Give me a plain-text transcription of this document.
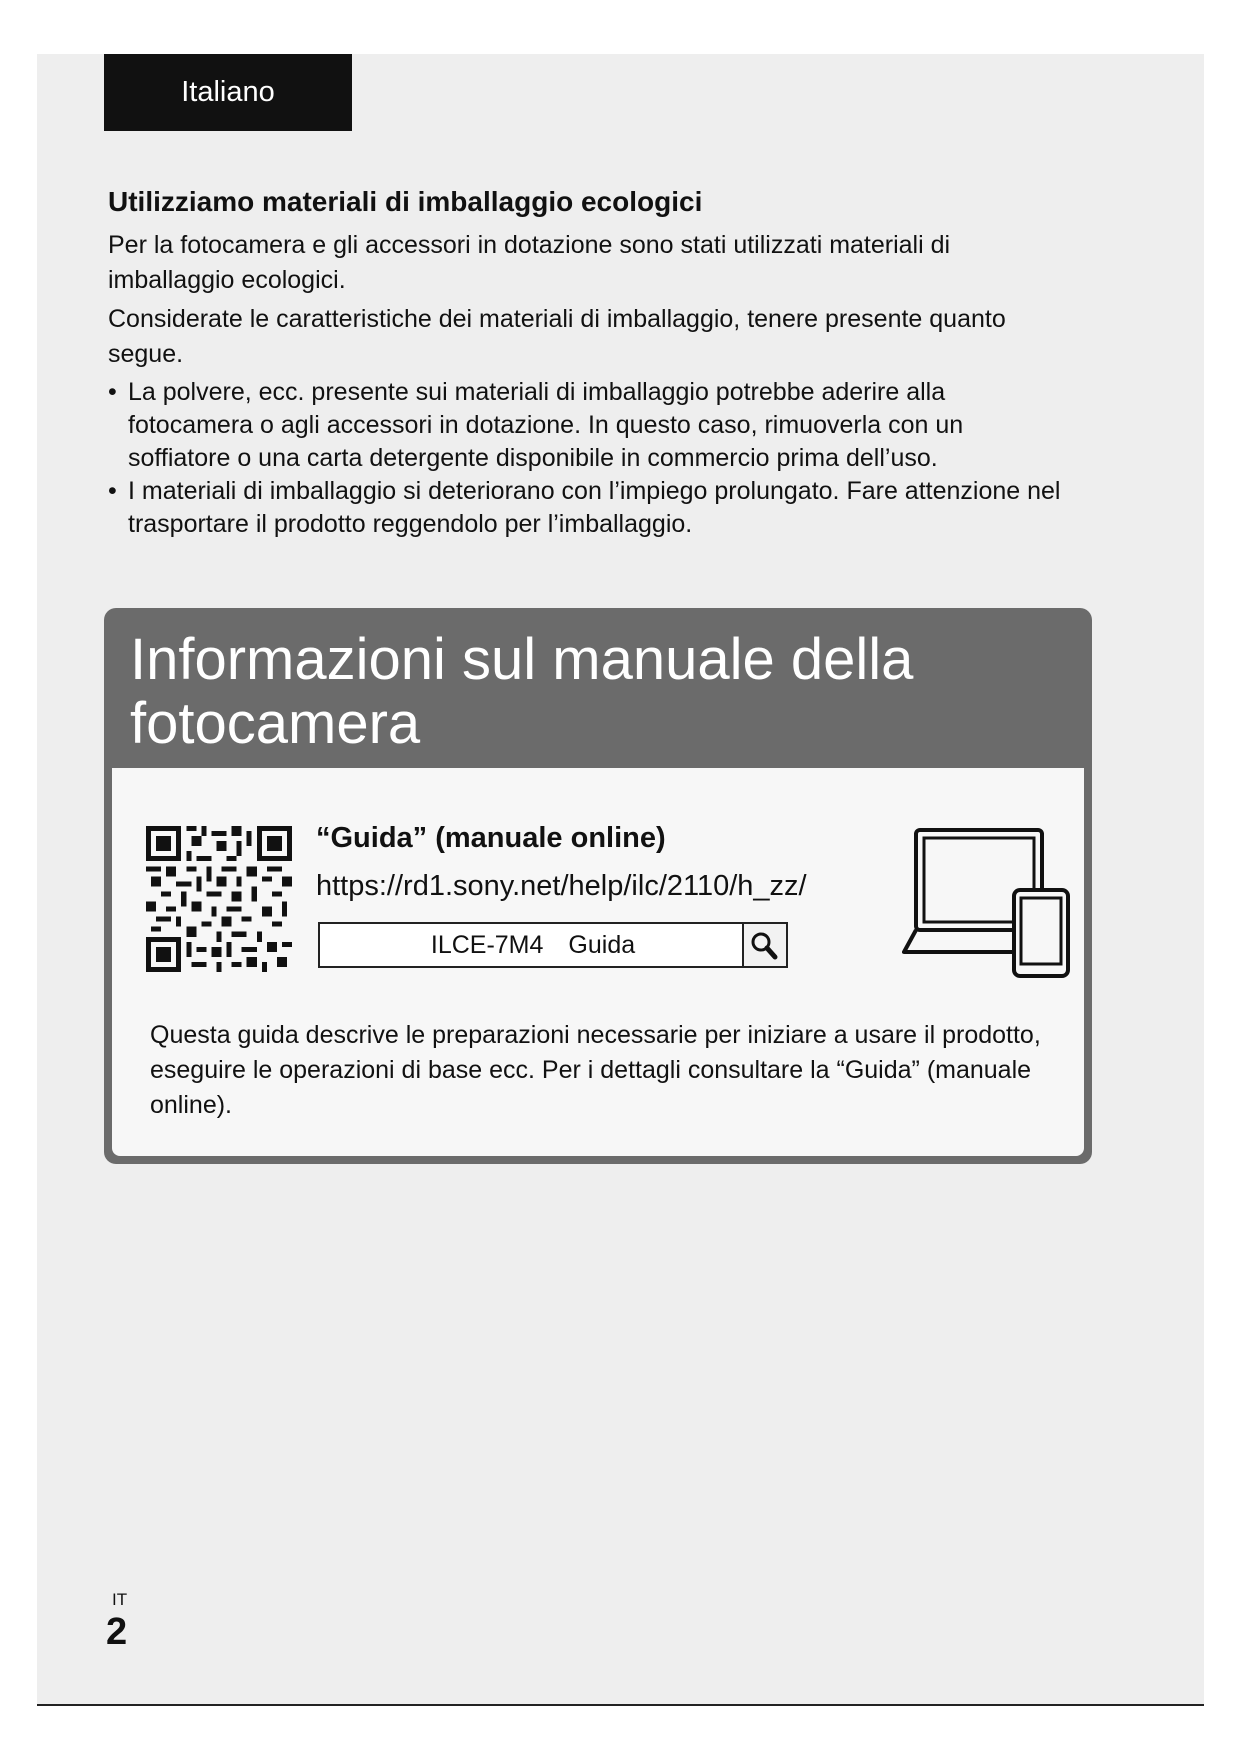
Italiano
Utilizziamo materiali di imballaggio ecologici

Per la fotocamera e gli accessori in dotazione sono stati utilizzati materiali di imballaggio ecologici.

Considerate le caratteristiche dei materiali di imballaggio, tenere presente quanto segue.

• La polvere, ecc. presente sui materiali di imballaggio potrebbe aderire alla fotocamera o agli accessori in dotazione. In questo caso, rimuoverla con un soffiatore o una carta detergente disponibile in commercio prima dell’uso.
• I materiali di imballaggio si deteriorano con l’impiego prolungato. Fare attenzione nel trasportare il prodotto reggendolo per l’imballaggio.
Informazioni sul manuale della fotocamera
“Guida” (manuale online)
https://rd1.sony.net/help/ilc/2110/h_zz/
ILCE-7M4 Guida

Questa guida descrive le preparazioni necessarie per iniziare a usare il prodotto, eseguire le operazioni di base ecc. Per i dettagli consultare la “Guida” (manuale online).

IT
2
